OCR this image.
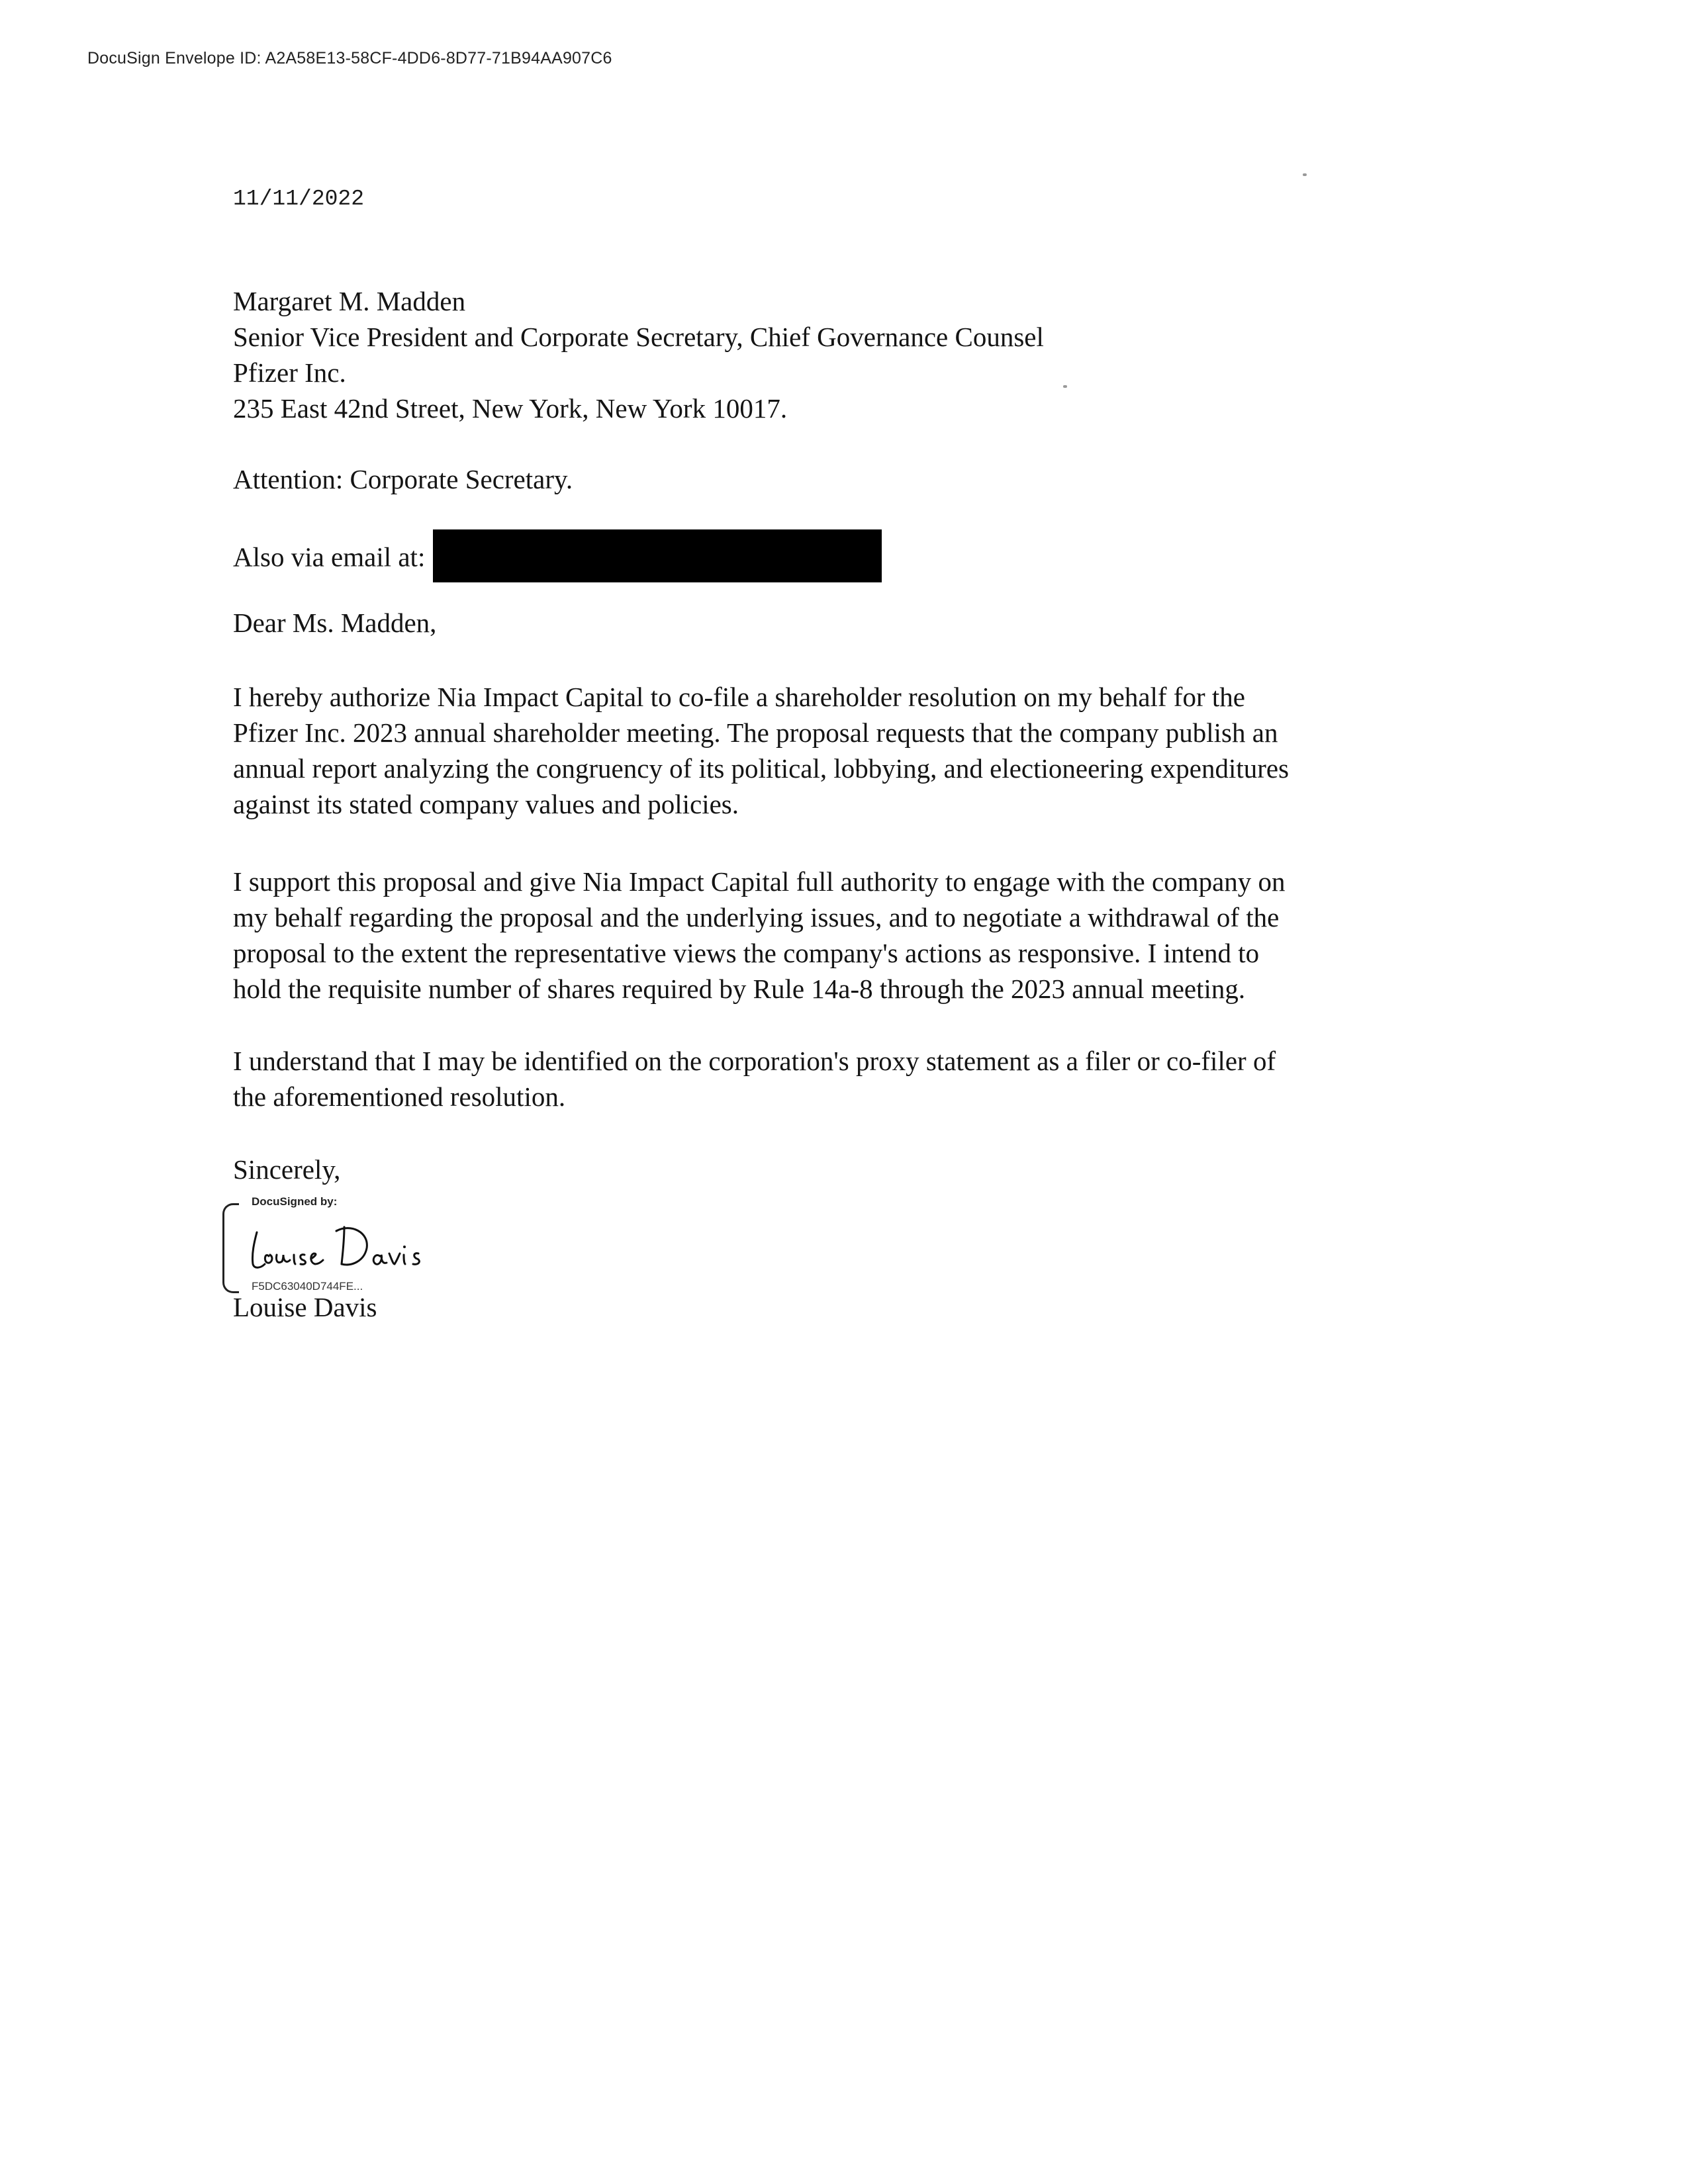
DocuSign Envelope ID: A2A58E13-58CF-4DD6-8D77-71B94AA907C6
11/11/2022
Margaret M. Madden
Senior Vice President and Corporate Secretary, Chief Governance Counsel
Pfizer Inc.
235 East 42nd Street, New York, New York 10017.
Attention: Corporate Secretary.
Also via email at:
Dear Ms. Madden,
I hereby authorize Nia Impact Capital to co-file a shareholder resolution on my behalf for the
Pfizer Inc. 2023 annual shareholder meeting. The proposal requests that the company publish an
annual report analyzing the congruency of its political, lobbying, and electioneering expenditures
against its stated company values and policies.
I support this proposal and give Nia Impact Capital full authority to engage with the company on
my behalf regarding the proposal and the underlying issues, and to negotiate a withdrawal of the
proposal to the extent the representative views the company's actions as responsive. I intend to
hold the requisite number of shares required by Rule 14a-8 through the 2023 annual meeting.
I understand that I may be identified on the corporation's proxy statement as a filer or co-filer of
the aforementioned resolution.
Sincerely,
DocuSigned by:
F5DC63040D744FE...
Louise Davis
